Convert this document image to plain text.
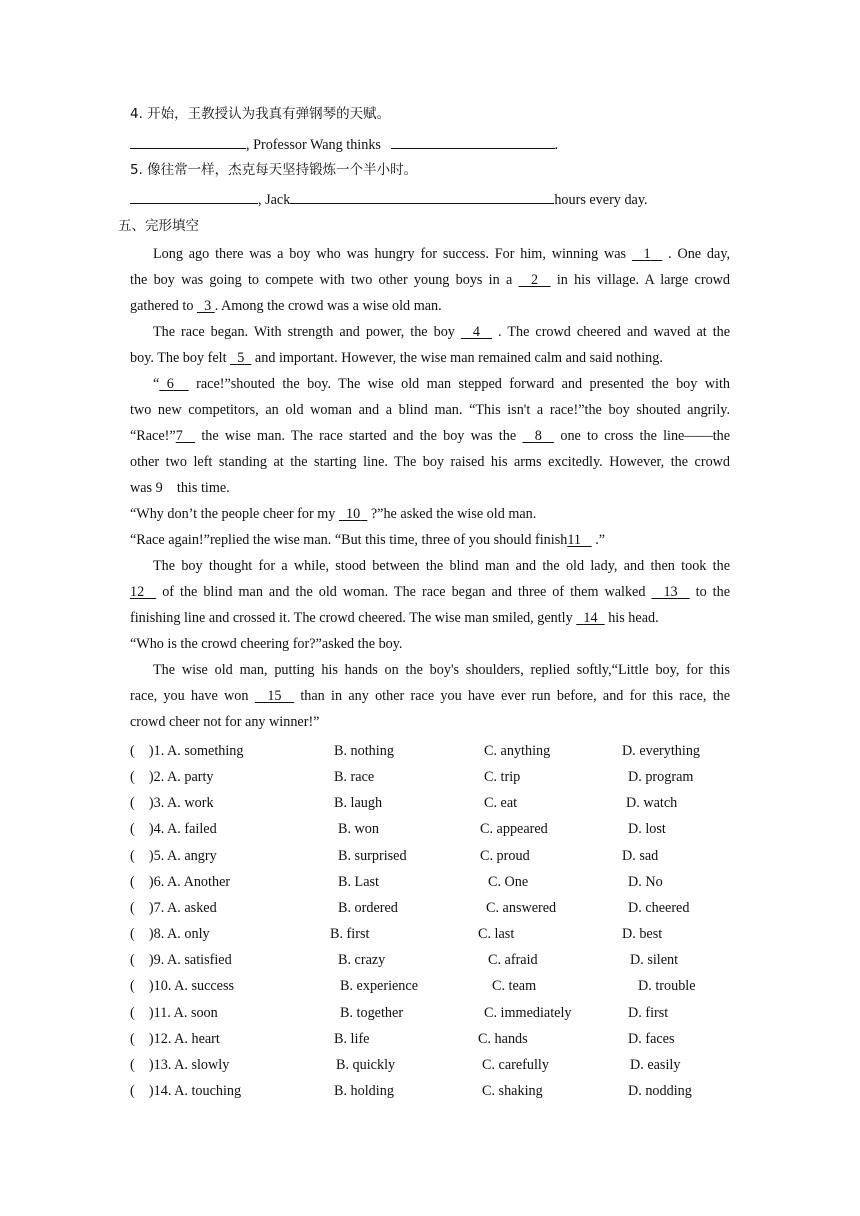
4. 开始，王教授认为我真有弹钢琴的天赋。
, Professor Wang thinks	.
5. 像往常一样，杰克每天坚持锻炼一个半小时。
, Jack	hours every day.
五、完形填空
Long ago there was a boy who was hungry for success. For him, winning was 1 . One day,
the boy was going to compete with two other young boys in a 2 in his village. A large crowd
gathered to 3 . Among the crowd was a wise old man.
The race began. With strength and power, the boy 4 . The crowd cheered and waved at the
boy. The boy felt 5 and important. However, the wise man remained calm and said nothing.
“ 6 race!”shouted the boy. The wise old man stepped forward and presented the boy with
two new competitors, an old woman and a blind man. “This isn't a race!”the boy shouted angrily.
“Race!”7 the wise man. The race started and the boy was the 8 one to cross the line——the
other two left standing at the starting line. The boy raised his arms excitedly. However, the crowd
was 9    this time.
“Why don’t the people cheer for my 10 ?”he asked the wise old man.
“Race again!”replied the wise man. “But this time, three of you should finish11 .”
The boy thought for a while, stood between the blind man and the old lady, and then took the
12 of the blind man and the old woman. The race began and three of them walked 13 to the
finishing line and crossed it. The crowd cheered. The wise man smiled, gently 14 his head.
“Who is the crowd cheering for?”asked the boy.
The wise old man, putting his hands on the boy's shoulders, replied softly,“Little boy, for this
race, you have won 15 than in any other race you have ever run before, and for this race, the
crowd cheer not for any winner!”
(    )1. A. something	B. nothing	C. anything	D. everything
(    )2. A. party	B. race	C. trip	D. program
(    )3. A. work	B. laugh	C. eat	D. watch
(    )4. A. failed	B. won	C. appeared	D. lost
(    )5. A. angry	B. surprised	C. proud	D. sad
(    )6. A. Another	B. Last	C. One	D. No
(    )7. A. asked	B. ordered	C. answered	D. cheered
(    )8. A. only	B. first	C. last	D. best
(    )9. A. satisfied	B. crazy	C. afraid	D. silent
(    )10. A. success	B. experience	C. team	D. trouble
(    )11. A. soon	B. together	C. immediately	D. first
(    )12. A. heart	B. life	C. hands	D. faces
(    )13. A. slowly	B. quickly	C. carefully	D. easily
(    )14. A. touching	B. holding	C. shaking	D. nodding
